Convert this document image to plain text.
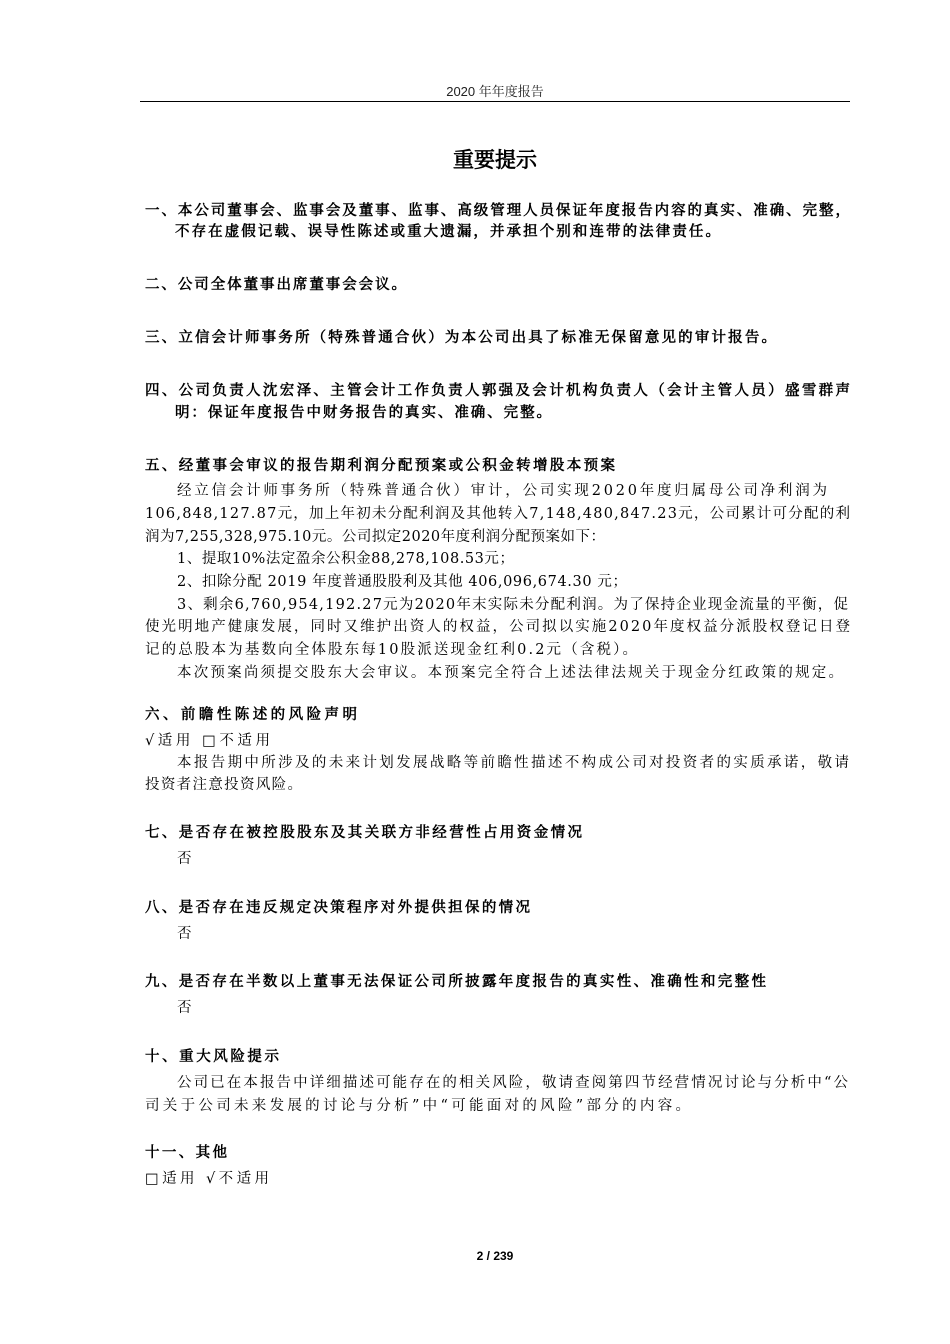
2020 年年度报告
重要提示
一、本公司董事会、监事会及董事、监事、高级管理人员保证年度报告内容的真实、准确、完整，
不存在虚假记载、误导性陈述或重大遗漏，并承担个别和连带的法律责任。
二、公司全体董事出席董事会会议。
三、立信会计师事务所（特殊普通合伙）为本公司出具了标准无保留意见的审计报告。
四、公司负责人沈宏泽、主管会计工作负责人郭强及会计机构负责人（会计主管人员）盛雪群声
明：保证年度报告中财务报告的真实、准确、完整。
五、经董事会审议的报告期利润分配预案或公积金转增股本预案
经立信会计师事务所（特殊普通合伙）审计，公司实现2020年度归属母公司净利润为
106,848,127.87元，加上年初未分配利润及其他转入7,148,480,847.23元，公司累计可分配的利
润为7,255,328,975.10元。公司拟定2020年度利润分配预案如下：
1、提取10%法定盈余公积金88,278,108.53元；
2、扣除分配 2019 年度普通股股利及其他 406,096,674.30 元；
3、剩余6,760,954,192.27元为2020年末实际未分配利润。为了保持企业现金流量的平衡，促
使光明地产健康发展，同时又维护出资人的权益，公司拟以实施2020年度权益分派股权登记日登
记的总股本为基数向全体股东每10股派送现金红利0.2元（含税）。
本次预案尚须提交股东大会审议。本预案完全符合上述法律法规关于现金分红政策的规定。
六、前瞻性陈述的风险声明
√适用 □不适用
本报告期中所涉及的未来计划发展战略等前瞻性描述不构成公司对投资者的实质承诺，敬请
投资者注意投资风险。
七、是否存在被控股股东及其关联方非经营性占用资金情况
否
八、是否存在违反规定决策程序对外提供担保的情况
否
九、是否存在半数以上董事无法保证公司所披露年度报告的真实性、准确性和完整性
否
十、重大风险提示
公司已在本报告中详细描述可能存在的相关风险，敬请查阅第四节经营情况讨论与分析中“公
司关于公司未来发展的讨论与分析”中“可能面对的风险”部分的内容。
十一、其他
□适用 √不适用
2 / 239
